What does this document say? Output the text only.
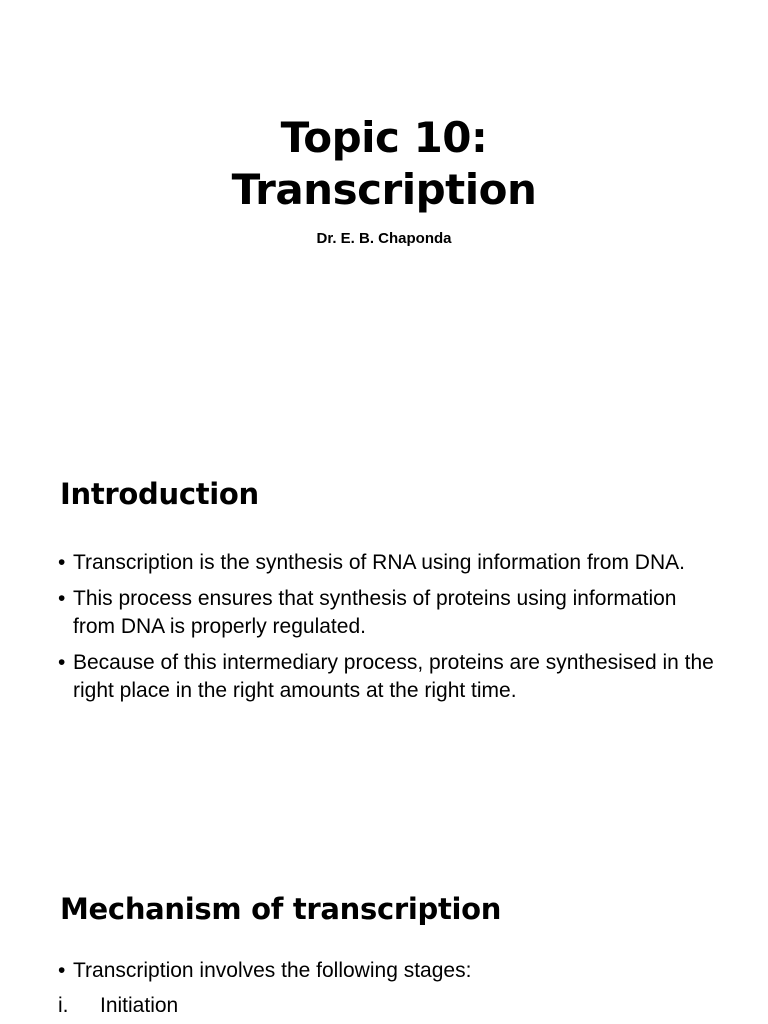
Topic 10:
Transcription
Dr. E. B. Chaponda
Introduction
• Transcription is the synthesis of RNA using information from DNA.
• This process ensures that synthesis of proteins using information from DNA is properly regulated.
• Because of this intermediary process, proteins are synthesised in the right place in the right amounts at the right time.
Mechanism of transcription
• Transcription involves the following stages:
i. Initiation
